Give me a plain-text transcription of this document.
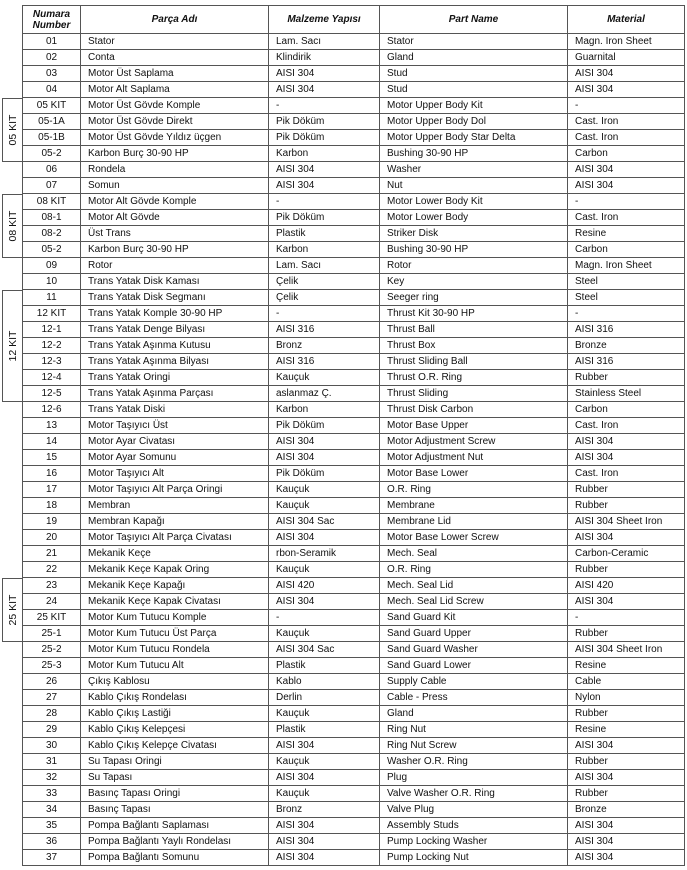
Numara
Number	Parça Adı	Malzeme Yapısı	Part Name	Material
01	Stator	Lam. Sacı	Stator	Magn. Iron Sheet
02	Conta	Klindirik	Gland	Guarnital
03	Motor Üst Saplama	AISI 304	Stud	AISI 304
04	Motor Alt Saplama	AISI 304	Stud	AISI 304
05 KIT	Motor Üst Gövde Komple	-	Motor Upper Body Kit	-
05-1A	Motor Üst Gövde Direkt	Pik Döküm	Motor Upper Body Dol	Cast. Iron
05-1B	Motor Üst Gövde Yıldız üçgen	Pik Döküm	Motor Upper Body Star Delta	Cast. Iron
05-2	Karbon Burç 30-90 HP	Karbon	Bushing 30-90 HP	Carbon
06	Rondela	AISI 304	Washer	AISI 304
07	Somun	AISI 304	Nut	AISI 304
08 KIT	Motor Alt Gövde Komple	-	Motor Lower Body Kit	-
08-1	Motor Alt Gövde	Pik Döküm	Motor Lower Body	Cast. Iron
08-2	Üst Trans	Plastik	Striker Disk	Resine
05-2	Karbon Burç 30-90 HP	Karbon	Bushing 30-90 HP	Carbon
09	Rotor	Lam. Sacı	Rotor	Magn. Iron Sheet
10	Trans Yatak Disk Kaması	Çelik	Key	Steel
11	Trans Yatak Disk Segmanı	Çelik	Seeger ring	Steel
12 KIT	Trans Yatak Komple 30-90 HP	-	Thrust Kit 30-90 HP	-
12-1	Trans Yatak Denge Bilyası	AISI 316	Thrust Ball	AISI 316
12-2	Trans Yatak Aşınma Kutusu	Bronz	Thrust Box	Bronze
12-3	Trans Yatak Aşınma Bilyası	AISI 316	Thrust Sliding Ball	AISI 316
12-4	Trans Yatak Oringi	Kauçuk	Thrust O.R. Ring	Rubber
12-5	Trans Yatak Aşınma Parçası	aslanmaz Ç.	Thrust Sliding	Stainless Steel
12-6	Trans Yatak Diski	Karbon	Thrust Disk Carbon	Carbon
13	Motor Taşıyıcı Üst	Pik Döküm	Motor Base Upper	Cast. Iron
14	Motor Ayar Civatası	AISI 304	Motor Adjustment Screw	AISI 304
15	Motor Ayar Somunu	AISI 304	Motor Adjustment Nut	AISI 304
16	Motor Taşıyıcı Alt	Pik Döküm	Motor Base Lower	Cast. Iron
17	Motor Taşıyıcı Alt Parça Oringi	Kauçuk	O.R. Ring	Rubber
18	Membran	Kauçuk	Membrane	Rubber
19	Membran Kapağı	AISI 304 Sac	Membrane Lid	AISI 304 Sheet Iron
20	Motor Taşıyıcı Alt Parça Civatası	AISI 304	Motor Base Lower Screw	AISI 304
21	Mekanik Keçe	rbon-Seramik	Mech. Seal	Carbon-Ceramic
22	Mekanik Keçe Kapak Oring	Kauçuk	O.R. Ring	Rubber
23	Mekanik Keçe Kapağı	AISI 420	Mech. Seal Lid	AISI 420
24	Mekanik Keçe Kapak Civatası	AISI 304	Mech. Seal Lid Screw	AISI 304
25 KIT	Motor Kum Tutucu Komple	-	Sand Guard Kit	-
25-1	Motor Kum Tutucu Üst Parça	Kauçuk	Sand Guard Upper	Rubber
25-2	Motor Kum Tutucu Rondela	AISI 304 Sac	Sand Guard Washer	AISI 304 Sheet Iron
25-3	Motor Kum Tutucu Alt	Plastik	Sand Guard Lower	Resine
26	Çıkış Kablosu	Kablo	Supply Cable	Cable
27	Kablo Çıkış Rondelası	Derlin	Cable - Press	Nylon
28	Kablo Çıkış Lastiği	Kauçuk	Gland	Rubber
29	Kablo Çıkış Kelepçesi	Plastik	Ring Nut	Resine
30	Kablo Çıkış Kelepçe Civatası	AISI 304	Ring Nut Screw	AISI 304
31	Su Tapası Oringi	Kauçuk	Washer O.R. Ring	Rubber
32	Su Tapası	AISI 304	Plug	AISI 304
33	Basınç Tapası Oringi	Kauçuk	Valve Washer O.R. Ring	Rubber
34	Basınç Tapası	Bronz	Valve Plug	Bronze
35	Pompa Bağlantı Saplaması	AISI 304	Assembly Studs	AISI 304
36	Pompa Bağlantı Yaylı Rondelası	AISI 304	Pump Locking Washer	AISI 304
37	Pompa Bağlantı Somunu	AISI 304	Pump Locking Nut	AISI 304
05 KIT
08 KIT
12 KIT
25 KIT
